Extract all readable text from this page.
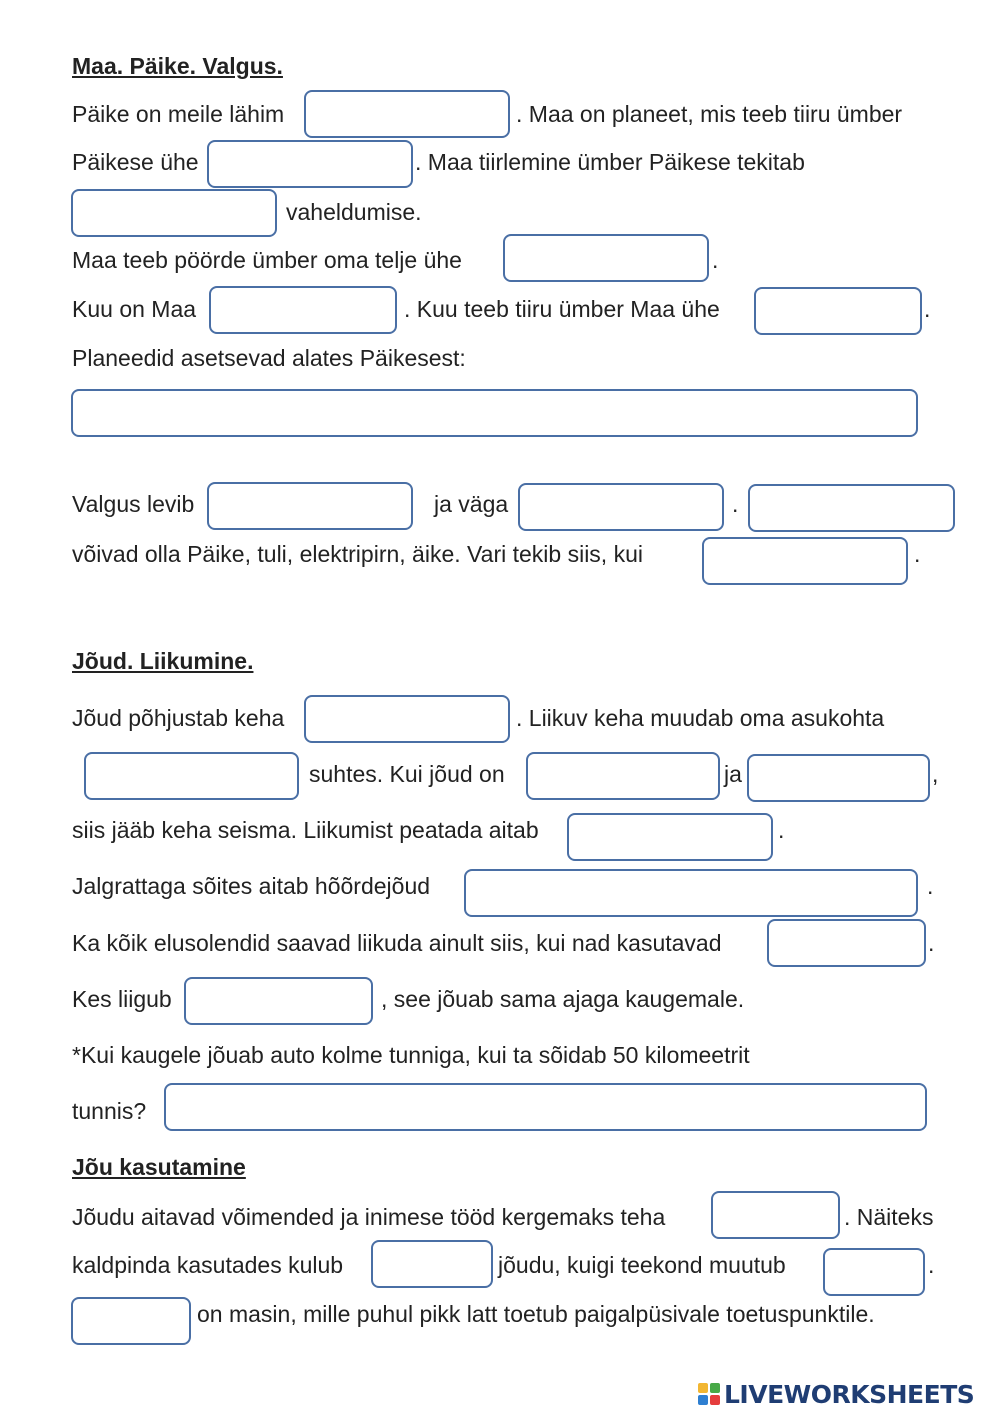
Maa. Päike. Valgus.
Päike on meile lähim	. Maa on planeet, mis teeb tiiru ümber
Päikese ühe	. Maa tiirlemine ümber Päikese tekitab
vaheldumise.
Maa teeb pöörde ümber oma telje ühe	.
Kuu on Maa	. Kuu teeb tiiru ümber Maa ühe	.
Planeedid asetsevad alates Päikesest:
Valgus levib	ja väga	.
võivad olla Päike, tuli, elektripirn, äike. Vari tekib siis, kui	.
Jõud. Liikumine.
Jõud põhjustab keha	. Liikuv keha muudab oma asukohta
suhtes. Kui jõud on	ja	,
siis jääb keha seisma. Liikumist peatada aitab	.
Jalgrattaga sõites aitab hõõrdejõud	.
Ka kõik elusolendid saavad liikuda ainult siis, kui nad kasutavad	.
Kes liigub	, see jõuab sama ajaga kaugemale.
*Kui kaugele jõuab auto kolme tunniga, kui ta sõidab 50 kilomeetrit
tunnis?
Jõu kasutamine
Jõudu aitavad võimended ja inimese tööd kergemaks teha	. Näiteks
kaldpinda kasutades kulub	jõudu, kuigi teekond muutub	.
on masin, mille puhul pikk latt toetub paigalpüsivale toetuspunktile.
LIVEWORKSHEETS
